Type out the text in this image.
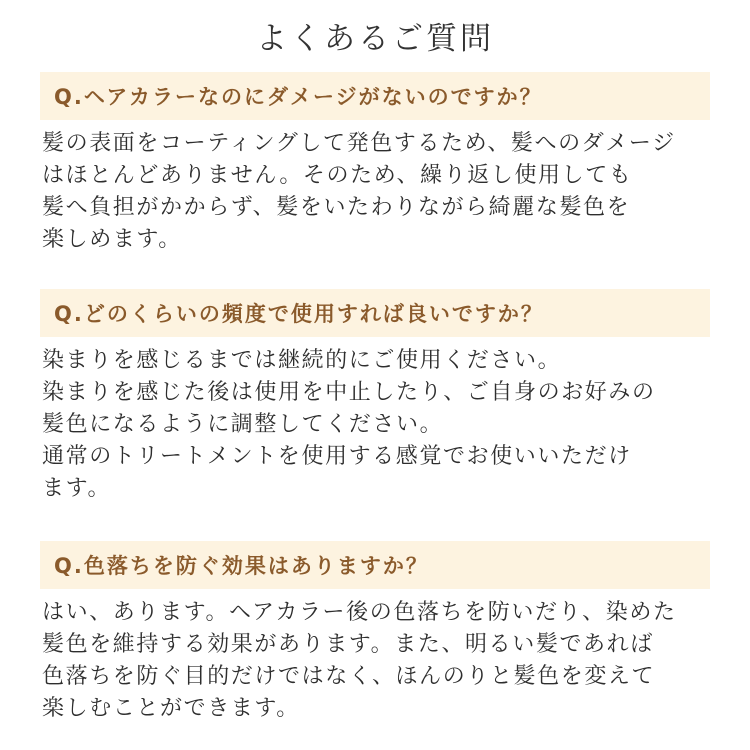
よくあるご質問
Q.ヘアカラーなのにダメージがないのですか？
髪の表面をコーティングして発色するため、髪へのダメージ
はほとんどありません。そのため、繰り返し使用しても
髪へ負担がかからず、髪をいたわりながら綺麗な髪色を
楽しめます。
Q.どのくらいの頻度で使用すれば良いですか？
染まりを感じるまでは継続的にご使用ください。
染まりを感じた後は使用を中止したり、ご自身のお好みの
髪色になるように調整してください。
通常のトリートメントを使用する感覚でお使いいただけ
ます。
Q.色落ちを防ぐ効果はありますか？
はい、あります。ヘアカラー後の色落ちを防いだり、染めた
髪色を維持する効果があります。また、明るい髪であれば
色落ちを防ぐ目的だけではなく、ほんのりと髪色を変えて
楽しむことができます。
